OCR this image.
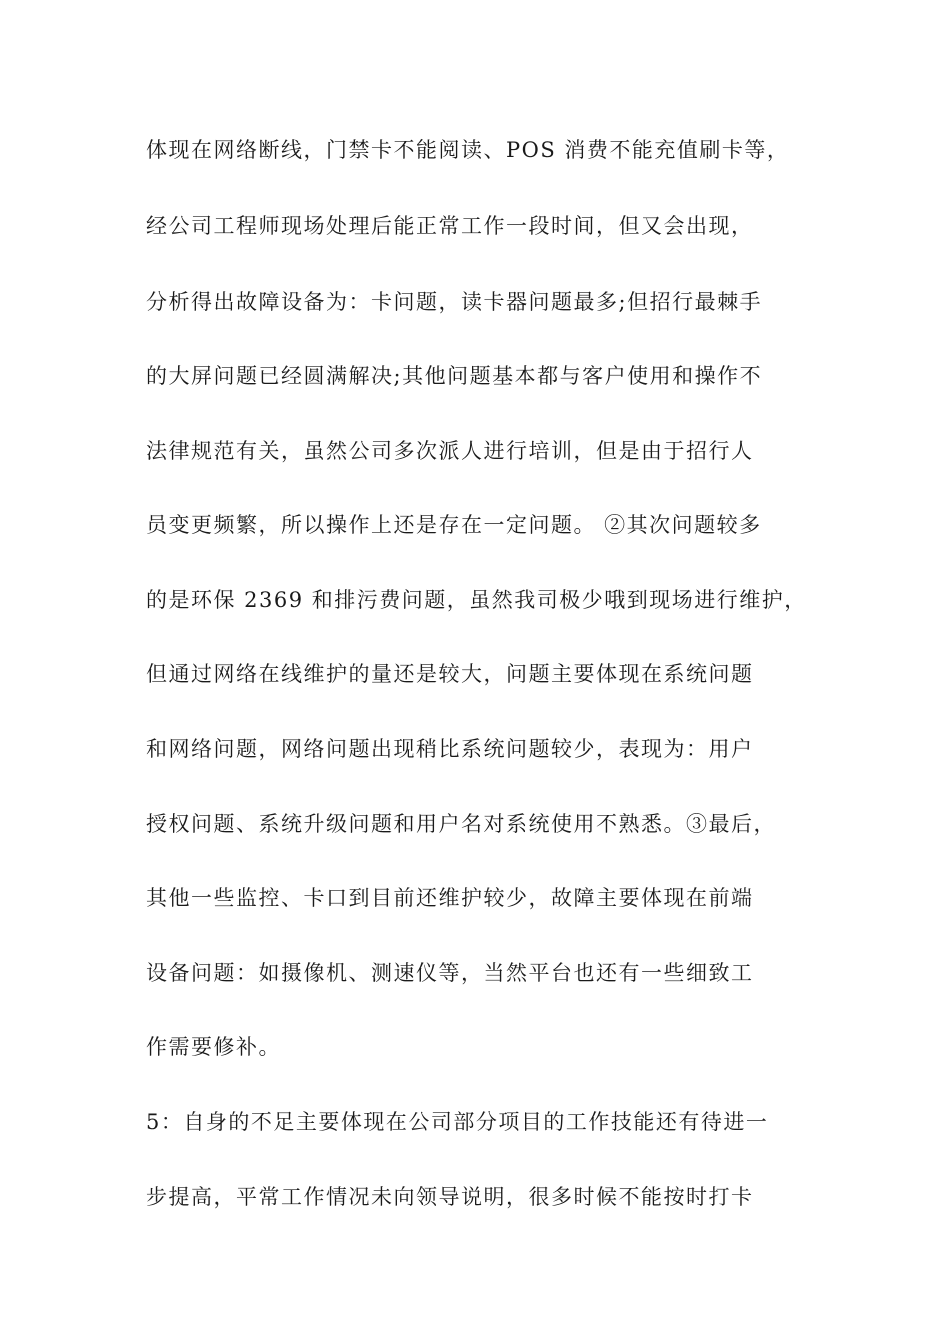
体现在网络断线，门禁卡不能阅读、POS 消费不能充值刷卡等，
经公司工程师现场处理后能正常工作一段时间，但又会出现，
分析得出故障设备为：卡问题，读卡器问题最多;但招行最棘手
的大屏问题已经圆满解决;其他问题基本都与客户使用和操作不
法律规范有关，虽然公司多次派人进行培训，但是由于招行人
员变更频繁，所以操作上还是存在一定问题。 ②其次问题较多
的是环保 2369 和排污费问题，虽然我司极少哦到现场进行维护，
但通过网络在线维护的量还是较大，问题主要体现在系统问题
和网络问题，网络问题出现稍比系统问题较少，表现为：用户
授权问题、系统升级问题和用户名对系统使用不熟悉。③最后，
其他一些监控、卡口到目前还维护较少，故障主要体现在前端
设备问题：如摄像机、测速仪等，当然平台也还有一些细致工
作需要修补。
5：自身的不足主要体现在公司部分项目的工作技能还有待进一
步提高，平常工作情况未向领导说明，很多时候不能按时打卡
